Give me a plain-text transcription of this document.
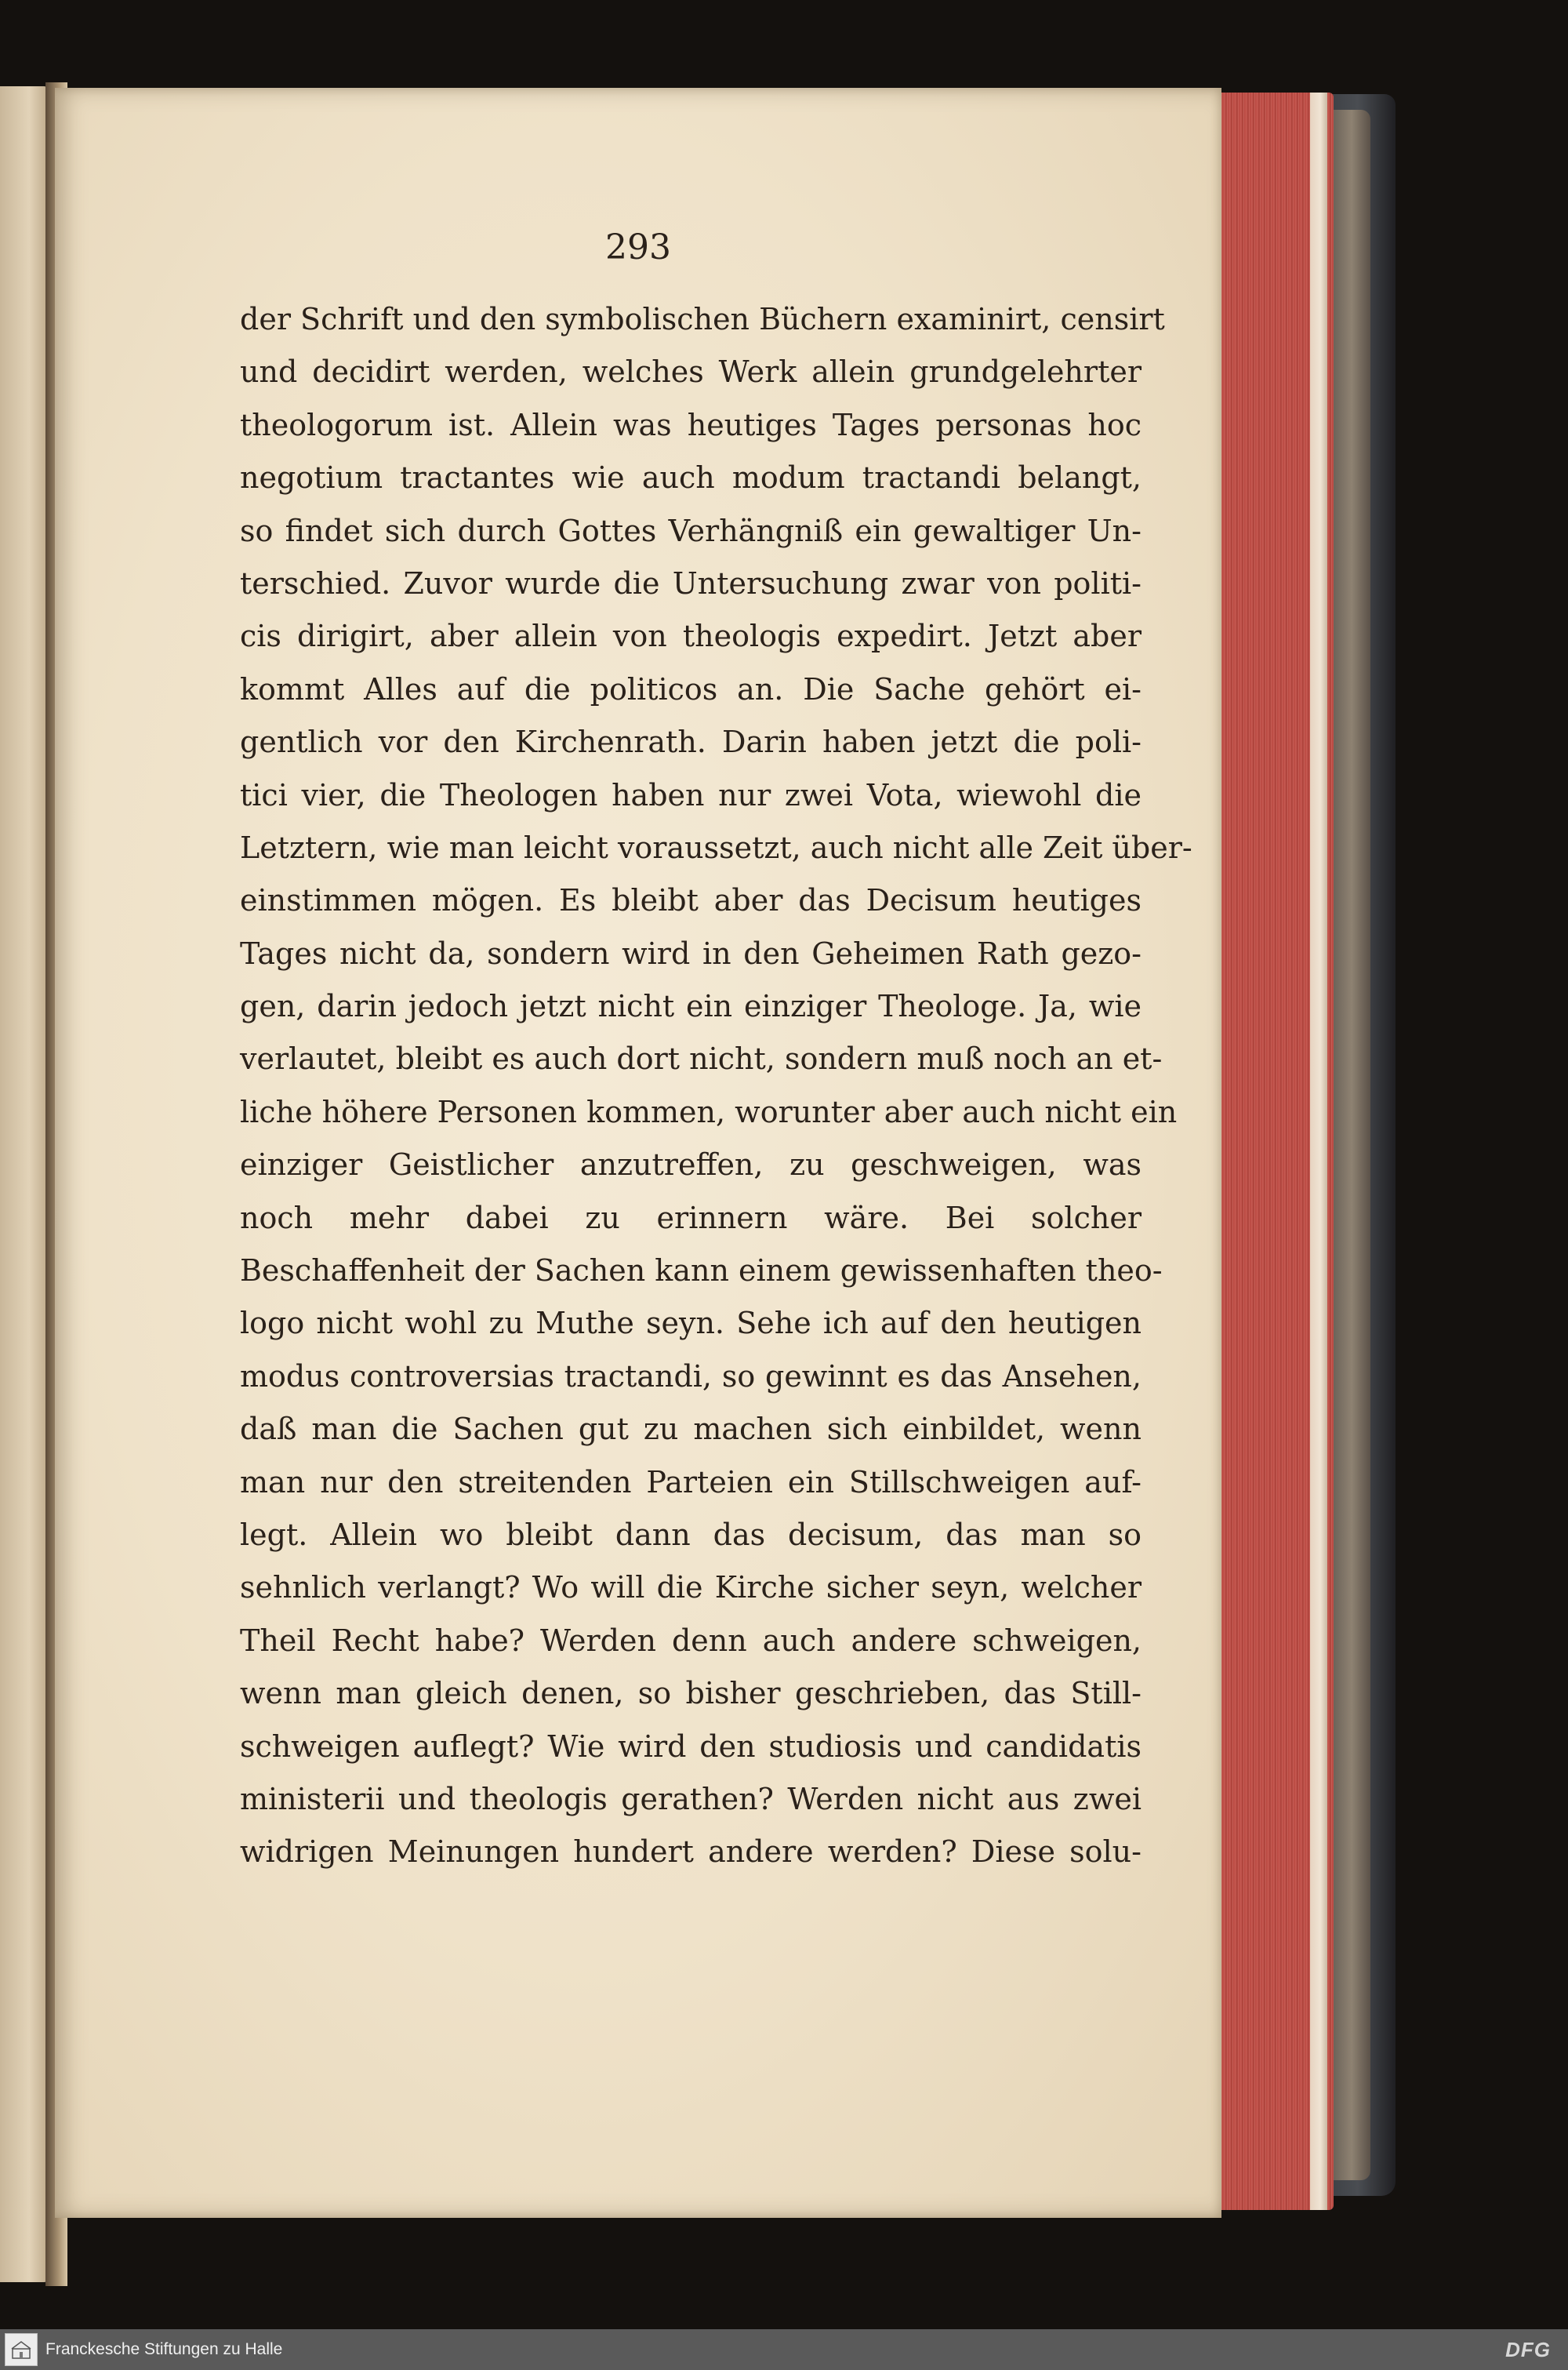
293
der Schrift und den symbolischen Büchern examinirt, censirt
und decidirt werden, welches Werk allein grundgelehrter
theologorum ist. Allein was heutiges Tages personas hoc
negotium tractantes wie auch modum tractandi belangt,
so findet sich durch Gottes Verhängniß ein gewaltiger Un-
terschied. Zuvor wurde die Untersuchung zwar von politi-
cis dirigirt, aber allein von theologis expedirt. Jetzt aber
kommt Alles auf die politicos an. Die Sache gehört ei-
gentlich vor den Kirchenrath. Darin haben jetzt die poli-
tici vier, die Theologen haben nur zwei Vota, wiewohl die
Letztern, wie man leicht voraussetzt, auch nicht alle Zeit über-
einstimmen mögen. Es bleibt aber das Decisum heutiges
Tages nicht da, sondern wird in den Geheimen Rath gezo-
gen, darin jedoch jetzt nicht ein einziger Theologe. Ja, wie
verlautet, bleibt es auch dort nicht, sondern muß noch an et-
liche höhere Personen kommen, worunter aber auch nicht ein
einziger Geistlicher anzutreffen, zu geschweigen, was
noch mehr dabei zu erinnern wäre. Bei solcher
Beschaffenheit der Sachen kann einem gewissenhaften theo-
logo nicht wohl zu Muthe seyn. Sehe ich auf den heutigen
modus controversias tractandi, so gewinnt es das Ansehen,
daß man die Sachen gut zu machen sich einbildet, wenn
man nur den streitenden Parteien ein Stillschweigen auf-
legt. Allein wo bleibt dann das decisum, das man so
sehnlich verlangt? Wo will die Kirche sicher seyn, welcher
Theil Recht habe? Werden denn auch andere schweigen,
wenn man gleich denen, so bisher geschrieben, das Still-
schweigen auflegt? Wie wird den studiosis und candidatis
ministerii und theologis gerathen? Werden nicht aus zwei
widrigen Meinungen hundert andere werden? Diese solu-
Franckesche Stiftungen zu Halle	DFG
